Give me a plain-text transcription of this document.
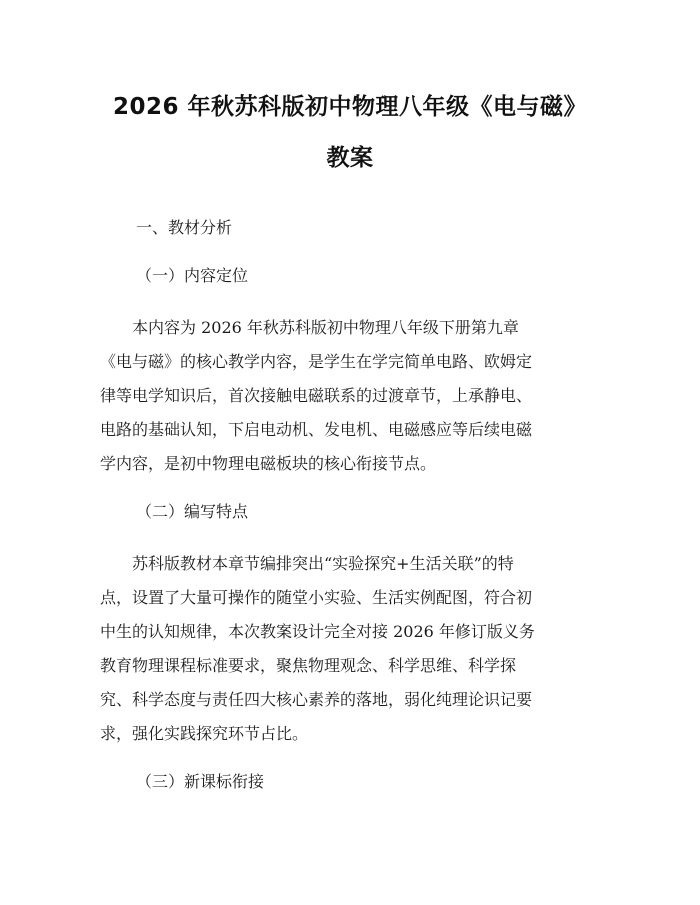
2026 年秋苏科版初中物理八年级《电与磁》
教案
一、教材分析
（一）内容定位

本内容为 2026 年秋苏科版初中物理八年级下册第九章
《电与磁》的核心教学内容，是学生在学完简单电路、欧姆定
律等电学知识后，首次接触电磁联系的过渡章节，上承静电、
电路的基础认知，下启电动机、发电机、电磁感应等后续电磁
学内容，是初中物理电磁板块的核心衔接节点。

（二）编写特点

苏科版教材本章节编排突出“实验探究+生活关联”的特
点，设置了大量可操作的随堂小实验、生活实例配图，符合初
中生的认知规律，本次教案设计完全对接 2026 年修订版义务
教育物理课程标准要求，聚焦物理观念、科学思维、科学探
究、科学态度与责任四大核心素养的落地，弱化纯理论识记要
求，强化实践探究环节占比。

（三）新课标衔接
